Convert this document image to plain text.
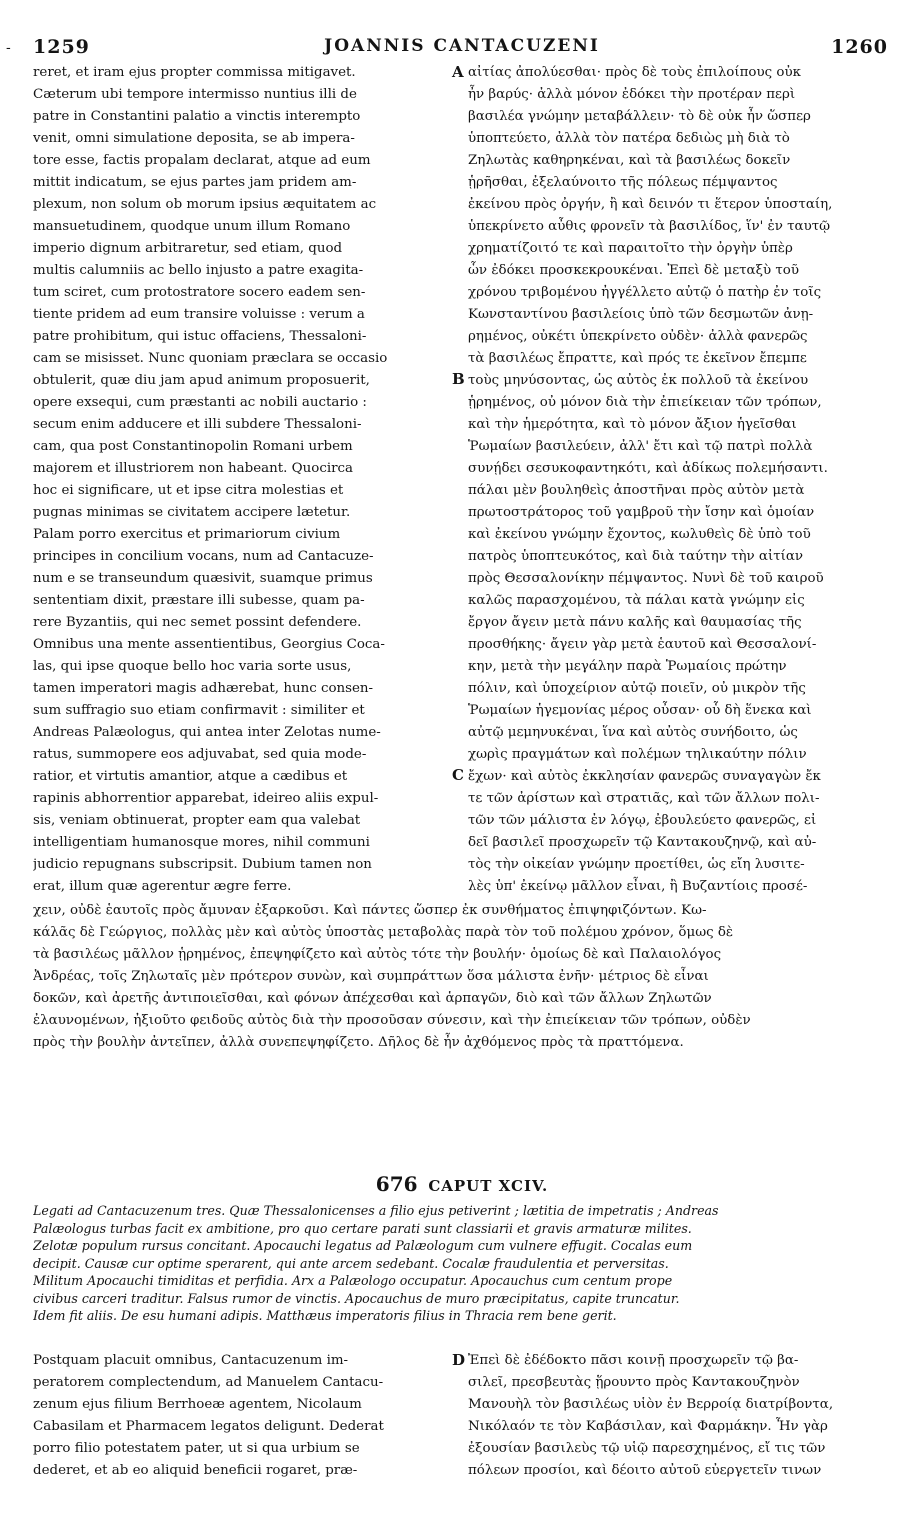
- 1259	JOANNIS CANTACUZENI	1260
reret, et iram ejus propter commissa mitigavet.
Cæterum ubi tempore intermisso nuntius illi de
patre in Constantini palatio a vinctis interempto
venit, omni simulatione deposita, se ab impera-
tore esse, factis propalam declarat, atque ad eum
mittit indicatum, se ejus partes jam pridem am-
plexum, non solum ob morum ipsius æquitatem ac
mansuetudinem, quodque unum illum Romano
imperio dignum arbitraretur, sed etiam, quod
multis calumniis ac bello injusto a patre exagita-
tum sciret, cum protostratore socero eadem sen-
tiente pridem ad eum transire voluisse : verum a
patre prohibitum, qui istuc offaciens, Thessaloni-
cam se misisset. Nunc quoniam præclara se occasio
obtulerit, quæ diu jam apud animum proposuerit,
opere exsequi, cum præstanti ac nobili auctario :
secum enim adducere et illi subdere Thessaloni-
cam, qua post Constantinopolin Romani urbem
majorem et illustriorem non habeant. Quocirca
hoc ei significare, ut et ipse citra molestias et
pugnas minimas se civitatem accipere lætetur.
Palam porro exercitus et primariorum civium
principes in concilium vocans, num ad Cantacuze-
num e se transeundum quæsivit, suamque primus
sententiam dixit, præstare illi subesse, quam pa-
rere Byzantiis, qui nec semet possint defendere.
Omnibus una mente assentientibus, Georgius Coca-
las, qui ipse quoque bello hoc varia sorte usus,
tamen imperatori magis adhærebat, hunc consen-
sum suffragio suo etiam confirmavit : similiter et
Andreas Palæologus, qui antea inter Zelotas nume-
ratus, summopere eos adjuvabat, sed quia mode-
ratior, et virtutis amantior, atque a cædibus et
rapinis abhorrentior apparebat, ideireo aliis expul-
sis, veniam obtinuerat, propter eam qua valebat
intelligentiam humanosque mores, nihil communi
judicio repugnans subscripsit. Dubium tamen non
erat, illum quæ agerentur ægre ferre.
αἰτίας ἀπολύεσθαι· πρὸς δὲ τοὺς ἐπιλοίπους οὐκ
ἦν βαρύς· ἀλλὰ μόνον ἐδόκει τὴν προτέραν περὶ
βασιλέα γνώμην μεταβάλλειν· τὸ δὲ οὐκ ἦν ὥσπερ
ὑποπτεύετο, ἀλλὰ τὸν πατέρα δεδιὼς μὴ διὰ τὸ
Ζηλωτὰς καθηρηκέναι, καὶ τὰ βασιλέως δοκεῖν
ᾑρῆσθαι, ἐξελαύνοιτο τῆς πόλεως πέμψαντος
ἐκείνου πρὸς ὀργήν, ἢ καὶ δεινόν τι ἕτερον ὑποσταίη,
ὑπεκρίνετο αὖθις φρονεῖν τὰ βασιλίδος, ἵν' ἐν ταυτῷ
χρηματίζοιτό τε καὶ παραιτοῖτο τὴν ὀργὴν ὑπὲρ
ὧν ἐδόκει προσκεκρουκέναι. Ἐπεὶ δὲ μεταξὺ τοῦ
χρόνου τριβομένου ἠγγέλλετο αὐτῷ ὁ πατὴρ ἐν τοῖς
Κωνσταντίνου βασιλείοις ὑπὸ τῶν δεσμωτῶν ἀνῃ-
ρημένος, οὐκέτι ὑπεκρίνετο οὐδὲν· ἀλλὰ φανερῶς
τὰ βασιλέως ἔπραττε, καὶ πρός τε ἐκεῖνον ἔπεμπε
τοὺς μηνύσοντας, ὡς αὐτὸς ἐκ πολλοῦ τὰ ἐκείνου
ᾑρημένος, οὐ μόνον διὰ τὴν ἐπιείκειαν τῶν τρόπων,
καὶ τὴν ἡμερότητα, καὶ τὸ μόνον ἄξιον ἡγεῖσθαι
Ῥωμαίων βασιλεύειν, ἀλλ' ἔτι καὶ τῷ πατρὶ πολλὰ
συνῄδει σεσυκοφαντηκότι, καὶ ἀδίκως πολεμήσαντι.
πάλαι μὲν βουληθεὶς ἀποστῆναι πρὸς αὐτὸν μετὰ
πρωτοστράτορος τοῦ γαμβροῦ τὴν ἴσην καὶ ὁμοίαν
καὶ ἐκείνου γνώμην ἔχοντος, κωλυθεὶς δὲ ὑπὸ τοῦ
πατρὸς ὑποπτευκότος, καὶ διὰ ταύτην τὴν αἰτίαν
πρὸς Θεσσαλονίκην πέμψαντος. Νυνὶ δὲ τοῦ καιροῦ
καλῶς παρασχομένου, τὰ πάλαι κατὰ γνώμην εἰς
ἔργον ἄγειν μετὰ πάνυ καλῆς καὶ θαυμασίας τῆς
προσθήκης· ἄγειν γὰρ μετὰ ἑαυτοῦ καὶ Θεσσαλονί-
κην, μετὰ τὴν μεγάλην παρὰ Ῥωμαίοις πρώτην
πόλιν, καὶ ὑποχείριον αὐτῷ ποιεῖν, οὐ μικρὸν τῆς
Ῥωμαίων ἡγεμονίας μέρος οὖσαν· οὗ δὴ ἕνεκα καὶ
αὐτῷ μεμηνυκέναι, ἵνα καὶ αὐτὸς συνήδοιτο, ὡς
χωρὶς πραγμάτων καὶ πολέμων τηλικαύτην πόλιν
ἔχων· καὶ αὐτὸς ἐκκλησίαν φανερῶς συναγαγὼν ἔκ
τε τῶν ἀρίστων καὶ στρατιᾶς, καὶ τῶν ἄλλων πολι-
τῶν τῶν μάλιστα ἐν λόγῳ, ἐβουλεύετο φανερῶς, εἰ
δεῖ βασιλεῖ προσχωρεῖν τῷ Καντακουζηνῷ, καὶ αὐ-
τὸς τὴν οἰκείαν γνώμην προετίθει, ὡς εἴη λυσιτε-
λὲς ὑπ' ἐκείνῳ μᾶλλον εἶναι, ἢ Βυζαντίοις προσέ-
A
B
C
χειν, οὐδὲ ἑαυτοῖς πρὸς ἄμυναν ἐξαρκοῦσι. Καὶ πάντες ὥσπερ ἐκ συνθήματος ἐπιψηφιζόντων. Κω-
κάλᾶς δὲ Γεώργιος, πολλὰς μὲν καὶ αὐτὸς ὑποστὰς μεταβολὰς παρὰ τὸν τοῦ πολέμου χρόνον, ὅμως δὲ
τὰ βασιλέως μᾶλλον ᾑρημένος, ἐπεψηφίζετο καὶ αὐτὸς τότε τὴν βουλήν· ὁμοίως δὲ καὶ Παλαιολόγος
Ἀνδρέας, τοῖς Ζηλωταῖς μὲν πρότερον συνὼν, καὶ συμπράττων ὅσα μάλιστα ἐνῆν· μέτριος δὲ εἶναι
δοκῶν, καὶ ἀρετῆς ἀντιποιεῖσθαι, καὶ φόνων ἀπέχεσθαι καὶ ἁρπαγῶν, διὸ καὶ τῶν ἄλλων Ζηλωτῶν
ἐλαυνομένων, ἠξιοῦτο φειδοῦς αὐτὸς διὰ τὴν προσοῦσαν σύνεσιν, καὶ τὴν ἐπιείκειαν τῶν τρόπων, οὐδὲν
πρὸς τὴν βουλὴν ἀντεῖπεν, ἀλλὰ συνεπεψηφίζετο. Δῆλος δὲ ἦν ἀχθόμενος πρὸς τὰ πραττόμενα.
676 CAPUT XCIV.
Legati ad Cantacuzenum tres. Quæ Thessalonicenses a filio ejus petiverint ; lætitia de impetratis ; Andreas
Palæologus turbas facit ex ambitione, pro quo certare parati sunt classiarii et gravis armaturæ milites.
Zelotæ populum rursus concitant. Apocauchi legatus ad Palæologum cum vulnere effugit. Cocalas eum
decipit. Causæ cur optime sperarent, qui ante arcem sedebant. Cocalæ fraudulentia et perversitas.
Militum Apocauchi timiditas et perfidia. Arx a Palæologo occupatur. Apocauchus cum centum prope
civibus carceri traditur. Falsus rumor de vinctis. Apocauchus de muro præcipitatus, capite truncatur.
Idem fit aliis. De esu humani adipis. Matthæus imperatoris filius in Thracia rem bene gerit.
Postquam placuit omnibus, Cantacuzenum im-
peratorem complectendum, ad Manuelem Cantacu-
zenum ejus filium Berrhoeæ agentem, Nicolaum
Cabasilam et Pharmacem legatos deligunt. Dederat
porro filio potestatem pater, ut si qua urbium se
dederet, et ab eo aliquid beneficii rogaret, præ-
D Ἐπεὶ δὲ ἐδέδοκτο πᾶσι κοινῇ προσχωρεῖν τῷ βα-
σιλεῖ, πρεσβευτὰς ᾕρουντο πρὸς Καντακουζηνὸν
Μανουὴλ τὸν βασιλέως υἱὸν ἐν Βερροίᾳ διατρίβοντα,
Νικόλαόν τε τὸν Καβάσιλαν, καὶ Φαρμάκην. Ἦν γὰρ
ἐξουσίαν βασιλεὺς τῷ υἱῷ παρεσχημένος, εἴ τις τῶν
πόλεων προσίοι, καὶ δέοιτο αὐτοῦ εὐεργετεῖν τινων
